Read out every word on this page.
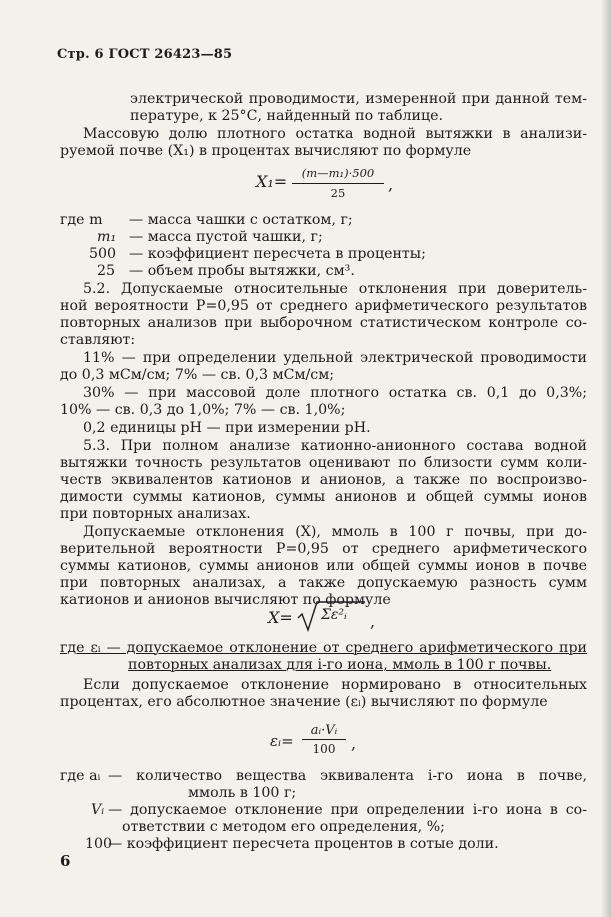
Стр. 6 ГОСТ 26423—85
электрической проводимости, измеренной при данной тем-
пературе, к 25°С, найденный по таблице.
Массовую долю плотного остатка водной вытяжки в анализи-
руемой почве (X₁) в процентах вычисляют по формуле
X₁=	(m—m₁)·500
25	,
где m — масса чашки с остатком, г;
m₁ — масса пустой чашки, г;
500 — коэффициент пересчета в проценты;
25 — объем пробы вытяжки, см³.
5.2. Допускаемые относительные отклонения при доверитель-
ной вероятности P=0,95 от среднего арифметического результатов
повторных анализов при выборочном статистическом контроле со-
ставляют:
11% — при определении удельной электрической проводимости
до 0,3 мСм/см; 7% — св. 0,3 мСм/см;
30% — при массовой доле плотного остатка св. 0,1 до 0,3%;
10% — св. 0,3 до 1,0%; 7% — св. 1,0%;
0,2 единицы pH — при измерении pH.
5.3. При полном анализе катионно-анионного состава водной
вытяжки точность результатов оценивают по близости сумм коли-
честв эквивалентов катионов и анионов, а также по воспроизво-
димости суммы катионов, суммы анионов и общей суммы ионов
при повторных анализах.
Допускаемые отклонения (X), ммоль в 100 г почвы, при до-
верительной вероятности P=0,95 от среднего арифметического
суммы катионов, суммы анионов или общей суммы ионов в почве
при повторных анализах, а также допускаемую разность сумм
катионов и анионов вычисляют по формуле
X= Σε²ᵢ ,
где εᵢ — допускаемое отклонение от среднего арифметического при
повторных анализах для i-го иона, ммоль в 100 г почвы.
Если допускаемое отклонение нормировано в относительных
процентах, его абсолютное значение (εᵢ) вычисляют по формуле
εᵢ=
aᵢ·Vᵢ
100 ,
где aᵢ — количество вещества эквивалента i-го иона в почве,
ммоль в 100 г;
Vᵢ — допускаемое отклонение при определении i-го иона в со-
ответствии с методом его определения, %;
100
— коэффициент пересчета процентов в сотые доли.
6
